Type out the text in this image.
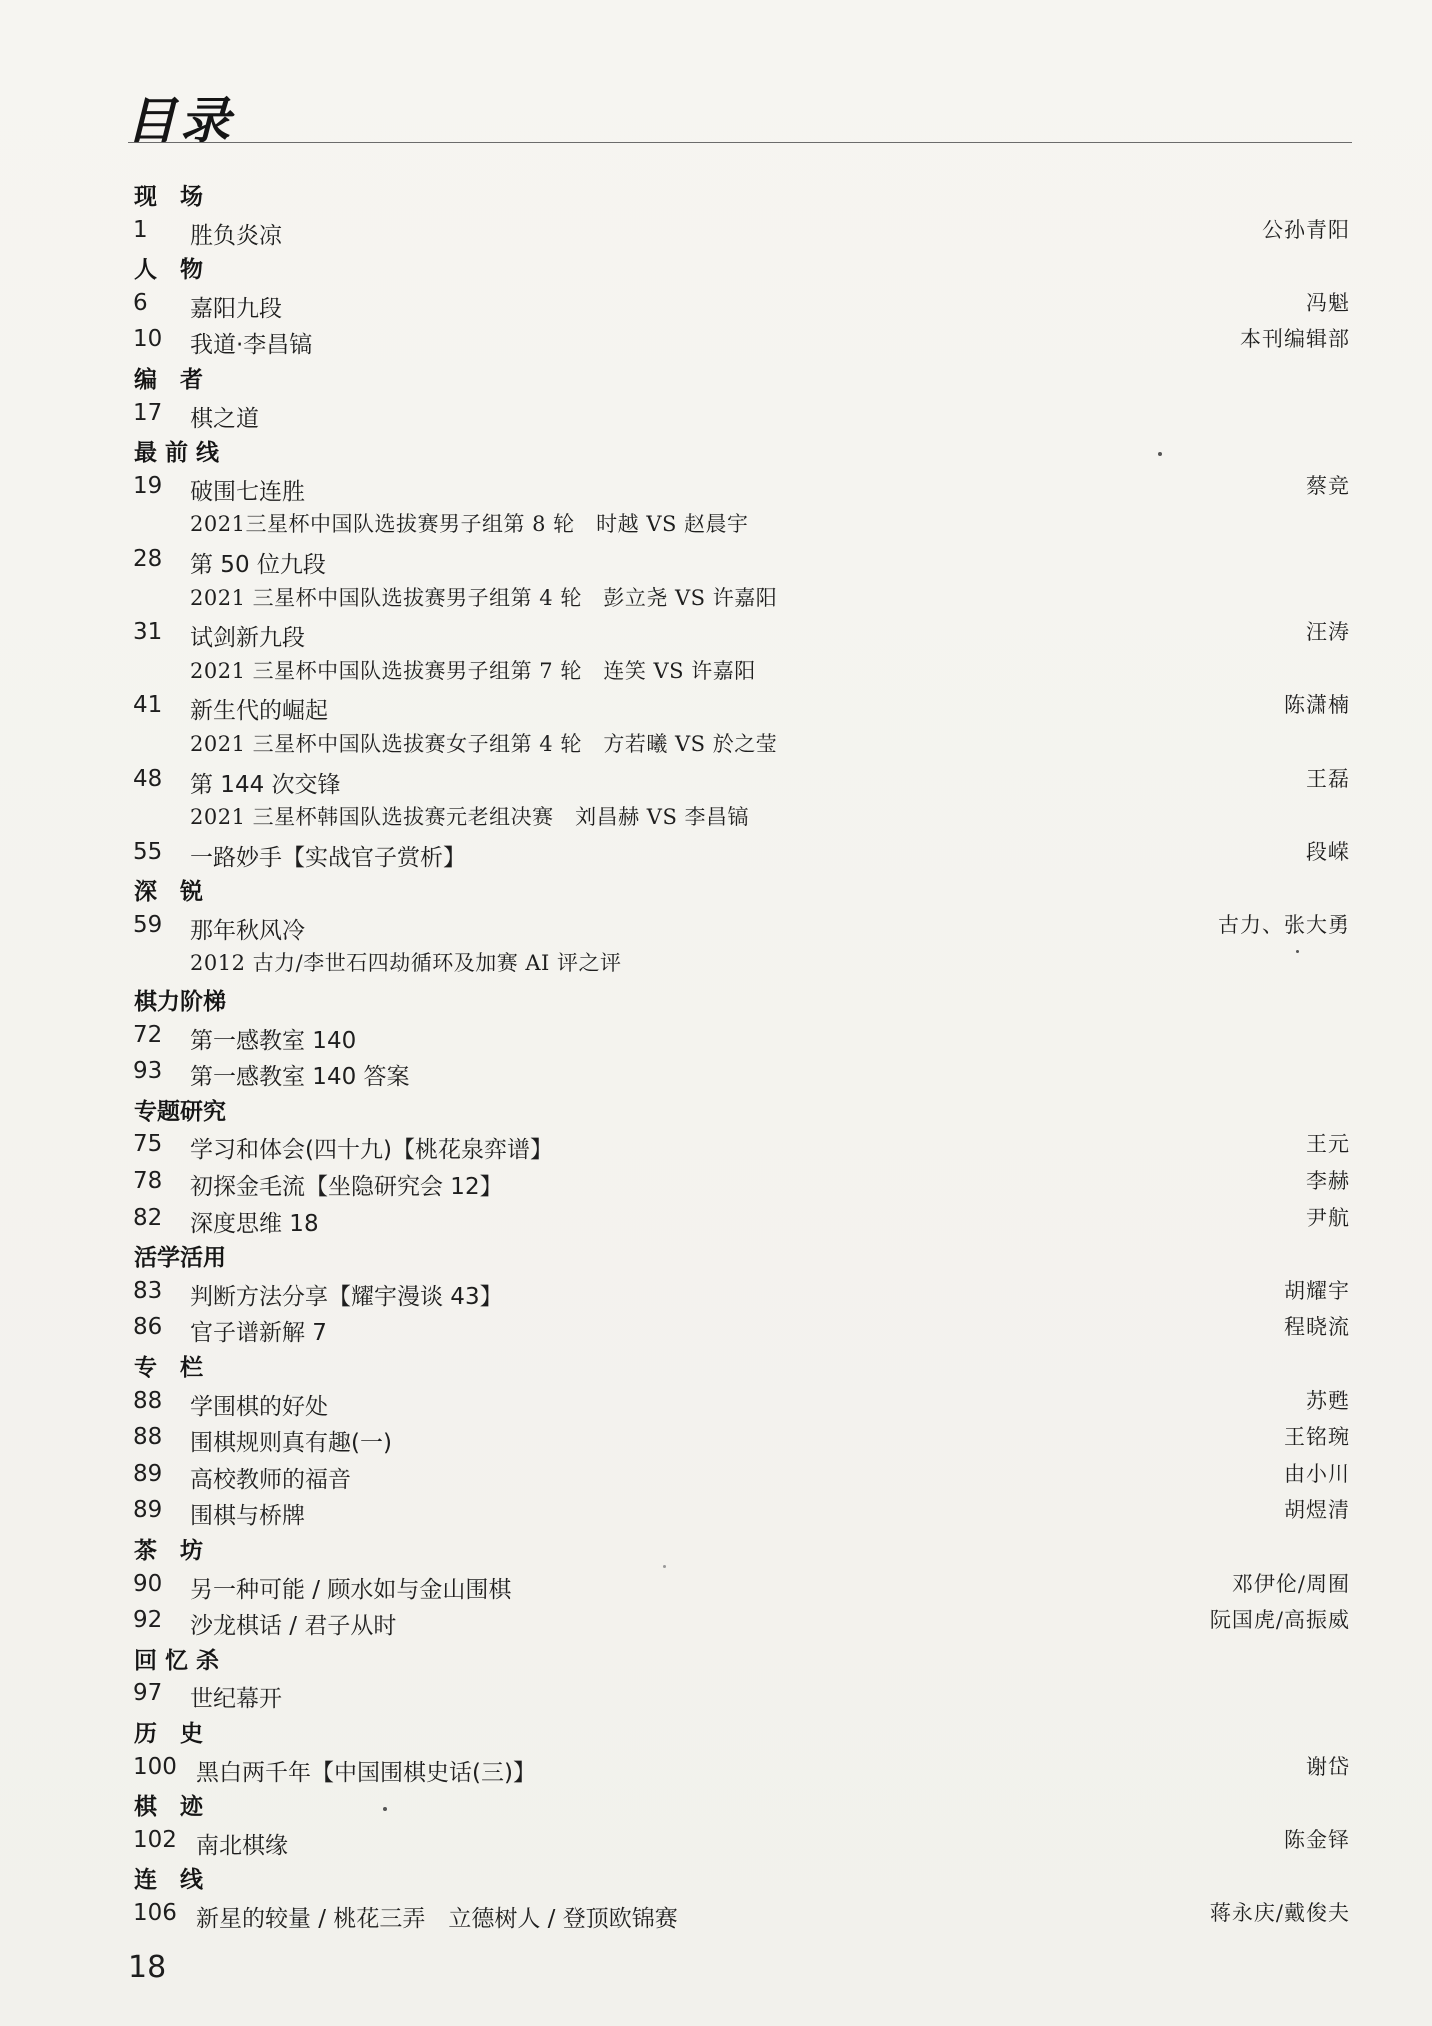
目录
现　场
1 胜负炎凉	公孙青阳
人　物
6 嘉阳九段	冯魁
10 我道·李昌镐	本刊编辑部
编　者
17 棋之道
最 前 线
19 破围七连胜	蔡竞
2021三星杯中国队选拔赛男子组第 8 轮　时越 VS 赵晨宇
28 第 50 位九段
2021 三星杯中国队选拔赛男子组第 4 轮　彭立尧 VS 许嘉阳
31 试剑新九段	汪涛
2021 三星杯中国队选拔赛男子组第 7 轮　连笑 VS 许嘉阳
41 新生代的崛起	陈潇楠
2021 三星杯中国队选拔赛女子组第 4 轮　方若曦 VS 於之莹
48 第 144 次交锋	王磊
2021 三星杯韩国队选拔赛元老组决赛　刘昌赫 VS 李昌镐
55 一路妙手【实战官子赏析】	段嵘
深　锐
59 那年秋风冷	古力、张大勇
2012 古力/李世石四劫循环及加赛 AI 评之评
棋力阶梯
72 第一感教室 140
93 第一感教室 140 答案
专题研究
75 学习和体会(四十九)【桃花泉弈谱】	王元
78 初探金毛流【坐隐研究会 12】	李赫
82 深度思维 18	尹航
活学活用
83 判断方法分享【耀宇漫谈 43】	胡耀宇
86 官子谱新解 7	程晓流
专　栏
88 学围棋的好处	苏甦
88 围棋规则真有趣(一)	王铭琬
89 高校教师的福音	由小川
89 围棋与桥牌	胡煜清
茶　坊
90 另一种可能 / 顾水如与金山围棋	邓伊伦/周囿
92 沙龙棋话 / 君子从时	阮国虎/高振威
回 忆 杀
97 世纪幕开
历　史
100 黑白两千年【中国围棋史话(三)】	谢岱
棋　迹
102 南北棋缘	陈金铎
连　线
106 新星的较量 / 桃花三弄　立德树人 / 登顶欧锦赛	蒋永庆/戴俊夫
18
